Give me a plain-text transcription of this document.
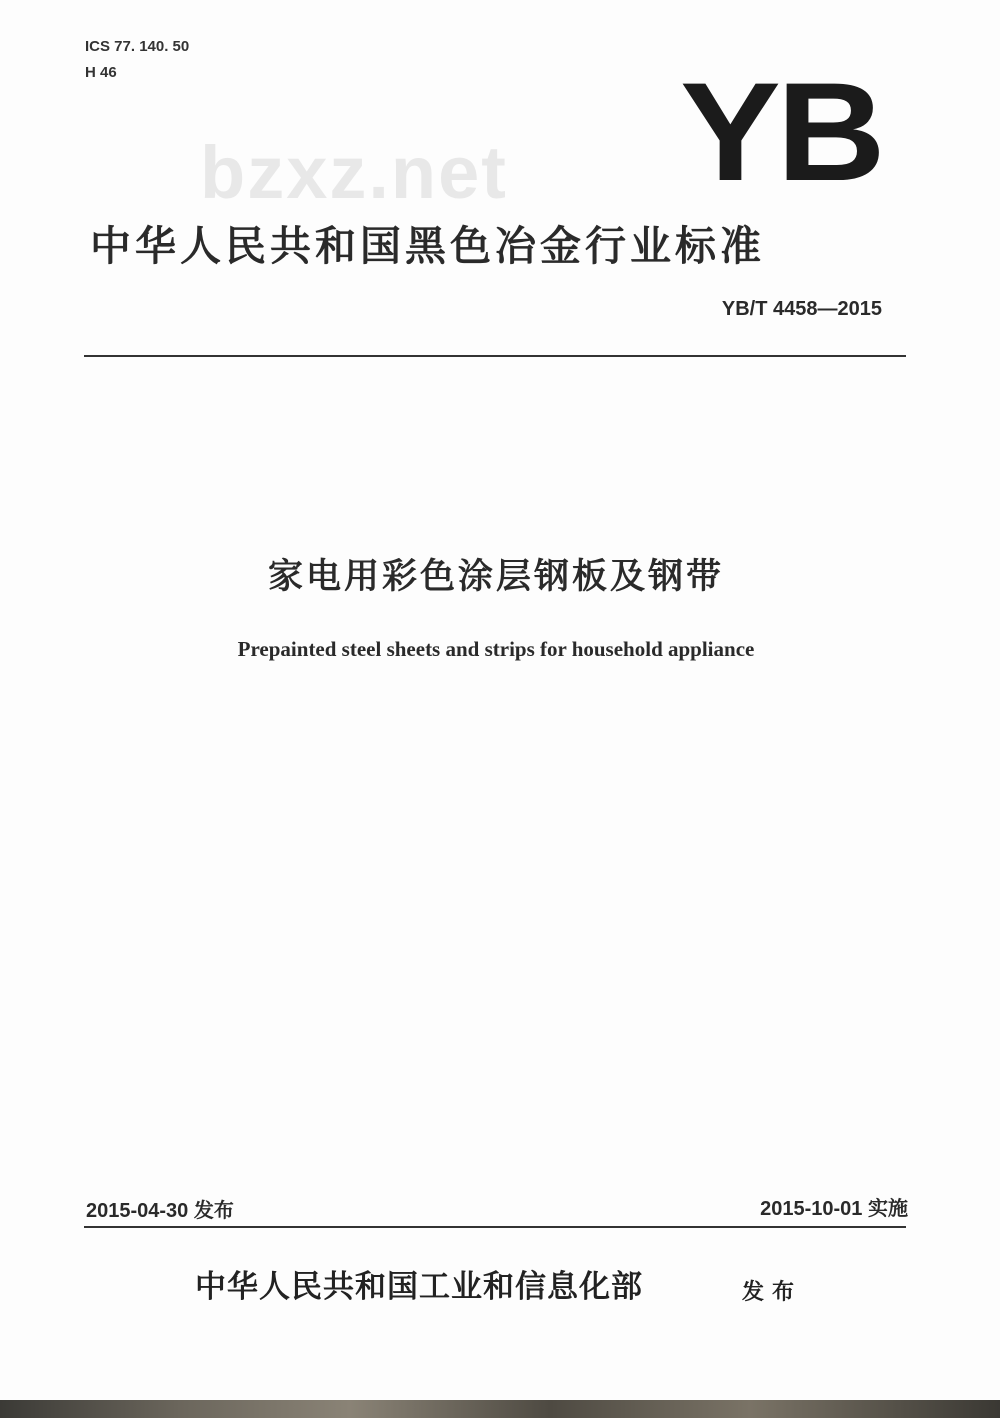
ICS 77. 140. 50
H 46
bzxz.net YB
中华人民共和国黑色冶金行业标准
YB/T 4458—2015
家电用彩色涂层钢板及钢带
Prepainted steel sheets and strips for household appliance
2015-04-30 发布	2015-10-01 实施
中华人民共和国工业和信息化部	发布
